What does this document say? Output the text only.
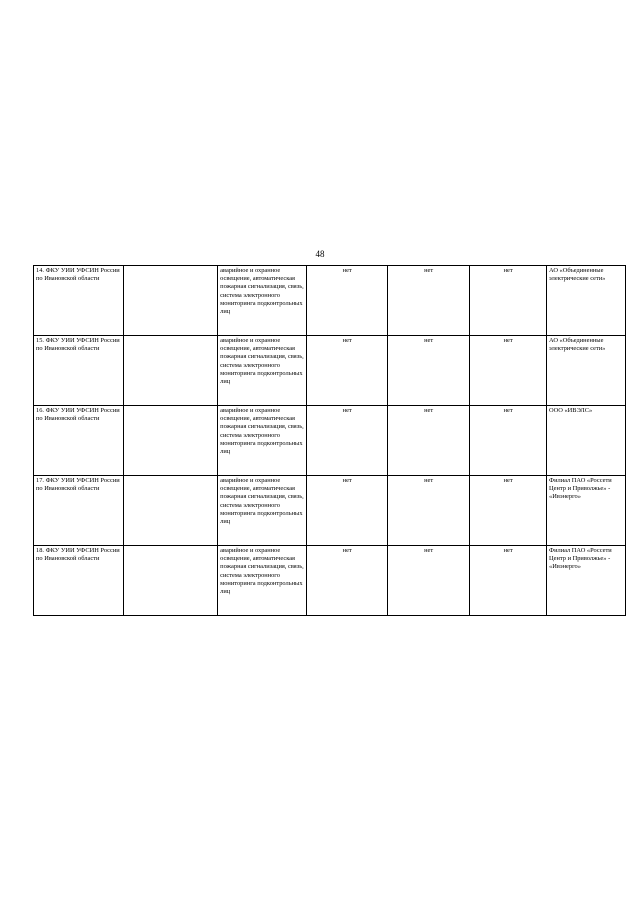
48
14. ФКУ УИИ УФСИН России по Ивановской области		аварийное и охранное освещение, автоматическая пожарная сигнализация, связь, система электронного мониторинга подконтрольных лиц	нет	нет	нет	АО «Объединенные электрические сети»
15. ФКУ УИИ УФСИН России по Ивановской области		аварийное и охранное освещение, автоматическая пожарная сигнализация, связь, система электронного мониторинга подконтрольных лиц	нет	нет	нет	АО «Объединенные электрические сети»
16. ФКУ УИИ УФСИН России по Ивановской области		аварийное и охранное освещение, автоматическая пожарная сигнализация, связь, система электронного мониторинга подконтрольных лиц	нет	нет	нет	ООО «ИВЭЛС»
17. ФКУ УИИ УФСИН России по Ивановской области		аварийное и охранное освещение, автоматическая пожарная сигнализация, связь, система электронного мониторинга подконтрольных лиц	нет	нет	нет	Филиал ПАО «Россети Центр и Приволжье» - «Ивэнерго»
18. ФКУ УИИ УФСИН России по Ивановской области		аварийное и охранное освещение, автоматическая пожарная сигнализация, связь, система электронного мониторинга подконтрольных лиц	нет	нет	нет	Филиал ПАО «Россети Центр и Приволжье» - «Ивэнерго»
